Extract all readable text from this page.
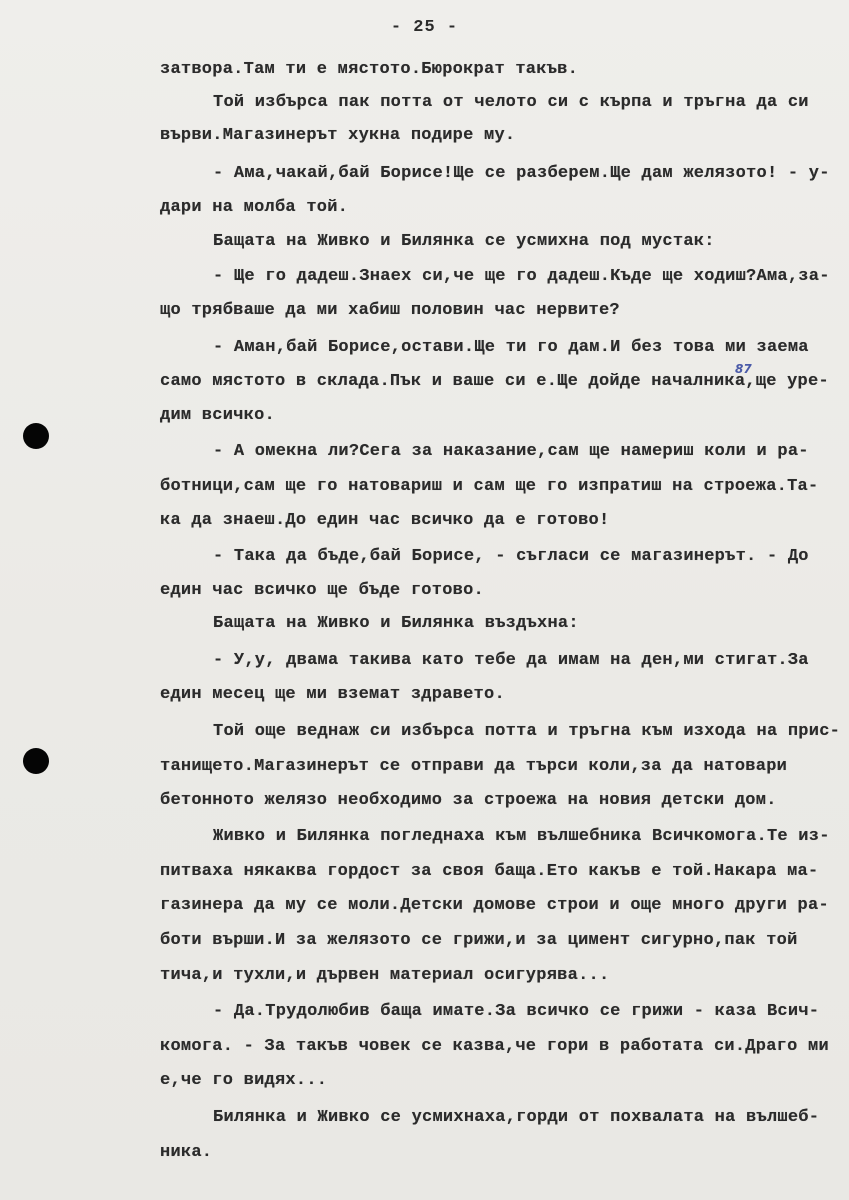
- 25 -

затвора.Там ти е мястото.Бюрократ такъв.

Той избърса пак потта от челото си с кърпа и тръгна да си

върви.Магазинерът хукна подире му.

- Ама,чакай,бай Борисе!Ще се разберем.Ще дам желязото! - у-

дари на молба той.

Бащата на Живко и Билянка се усмихна под мустак:

- Ще го дадеш.Знаех си,че ще го дадеш.Къде ще ходиш?Ама,за-

що трябваше да ми хабиш половин час нервите?

- Аман,бай Борисе,остави.Ще ти го дам.И без това ми заема

само мястото в склада.Пък и ваше си е.Ще дойде началника,ще уре-

дим всичко.

- А омекна ли?Сега за наказание,сам ще намериш коли и ра-

ботници,сам ще го натовариш и сам ще го изпратиш на строежа.Та-

ка да знаеш.До един час всичко да е готово!

- Така да бъде,бай Борисе, - съгласи се магазинерът. - До

един час всичко ще бъде готово.

Бащата на Живко и Билянка въздъхна:

- У,у, двама такива като тебе да имам на ден,ми стигат.За

един месец ще ми вземат здравето.

Той още веднаж си избърса потта и тръгна към изхода на прис-

танището.Магазинерът се отправи да търси коли,за да натовари

бетонното желязо необходимо за строежа на новия детски дом.

Живко и Билянка погледнаха към вълшебника Всичкомога.Те из-

питваха някаква гордост за своя баща.Ето какъв е той.Накара ма-

газинера да му се моли.Детски домове строи и още много други ра-

боти върши.И за желязото се грижи,и за цимент сигурно,пак той

тича,и тухли,и дървен материал осигурява...

- Да.Трудолюбив баща имате.За всичко се грижи - каза Всич-

комога. - За такъв човек се казва,че гори в работата си.Драго ми

е,че го видях...

Билянка и Живко се усмихнаха,горди от похвалата на вълшеб-

ника.

87
